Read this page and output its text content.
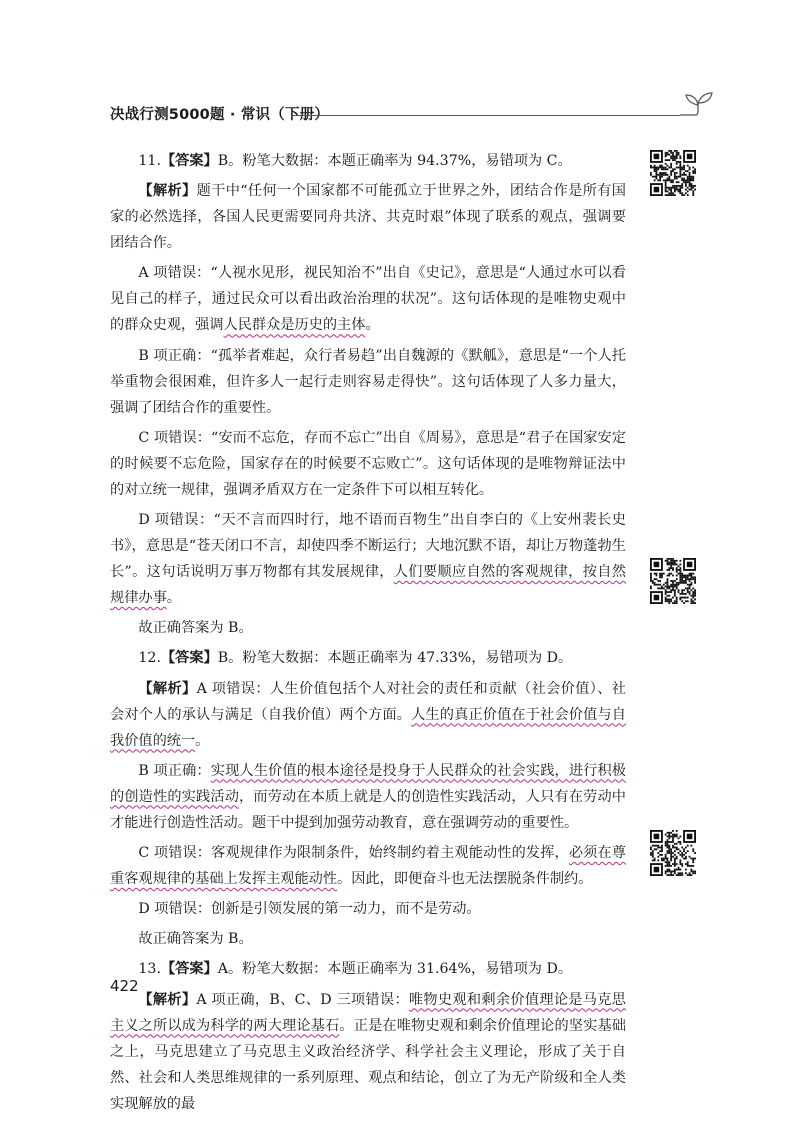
决战行测5000题 · 常识（下册）

11.【答案】B。粉笔大数据：本题正确率为 94.37%，易错项为 C。

【解析】题干中“任何一个国家都不可能孤立于世界之外，团结合作是所有国家的必然选择，各国人民更需要同舟共济、共克时艰”体现了联系的观点，强调要团结合作。

A 项错误：“人视水见形，视民知治不”出自《史记》，意思是“人通过水可以看见自己的样子，通过民众可以看出政治治理的状况”。这句话体现的是唯物史观中的群众史观，强调人民群众是历史的主体。

B 项正确：“孤举者难起，众行者易趋”出自魏源的《默觚》，意思是“一个人托举重物会很困难，但许多人一起行走则容易走得快”。这句话体现了人多力量大，强调了团结合作的重要性。

C 项错误：“安而不忘危，存而不忘亡”出自《周易》，意思是“君子在国家安定的时候要不忘危险，国家存在的时候要不忘败亡”。这句话体现的是唯物辩证法中的对立统一规律，强调矛盾双方在一定条件下可以相互转化。

D 项错误：“天不言而四时行，地不语而百物生”出自李白的《上安州裴长史书》，意思是“苍天闭口不言，却使四季不断运行；大地沉默不语，却让万物蓬勃生长”。这句话说明万事万物都有其发展规律，人们要顺应自然的客观规律，按自然规律办事。

故正确答案为 B。

12.【答案】B。粉笔大数据：本题正确率为 47.33%，易错项为 D。

【解析】A 项错误：人生价值包括个人对社会的责任和贡献（社会价值）、社会对个人的承认与满足（自我价值）两个方面。人生的真正价值在于社会价值与自我价值的统一。

B 项正确：实现人生价值的根本途径是投身于人民群众的社会实践，进行积极的创造性的实践活动，而劳动在本质上就是人的创造性实践活动，人只有在劳动中才能进行创造性活动。题干中提到加强劳动教育，意在强调劳动的重要性。

C 项错误：客观规律作为限制条件，始终制约着主观能动性的发挥，必须在尊重客观规律的基础上发挥主观能动性。因此，即便奋斗也无法摆脱条件制约。

D 项错误：创新是引领发展的第一动力，而不是劳动。

故正确答案为 B。

13.【答案】A。粉笔大数据：本题正确率为 31.64%，易错项为 D。

【解析】A 项正确，B、C、D 三项错误：唯物史观和剩余价值理论是马克思主义之所以成为科学的两大理论基石。正是在唯物史观和剩余价值理论的坚实基础之上，马克思建立了马克思主义政治经济学、科学社会主义理论，形成了关于自然、社会和人类思维规律的一系列原理、观点和结论，创立了为无产阶级和全人类实现解放的最

422
